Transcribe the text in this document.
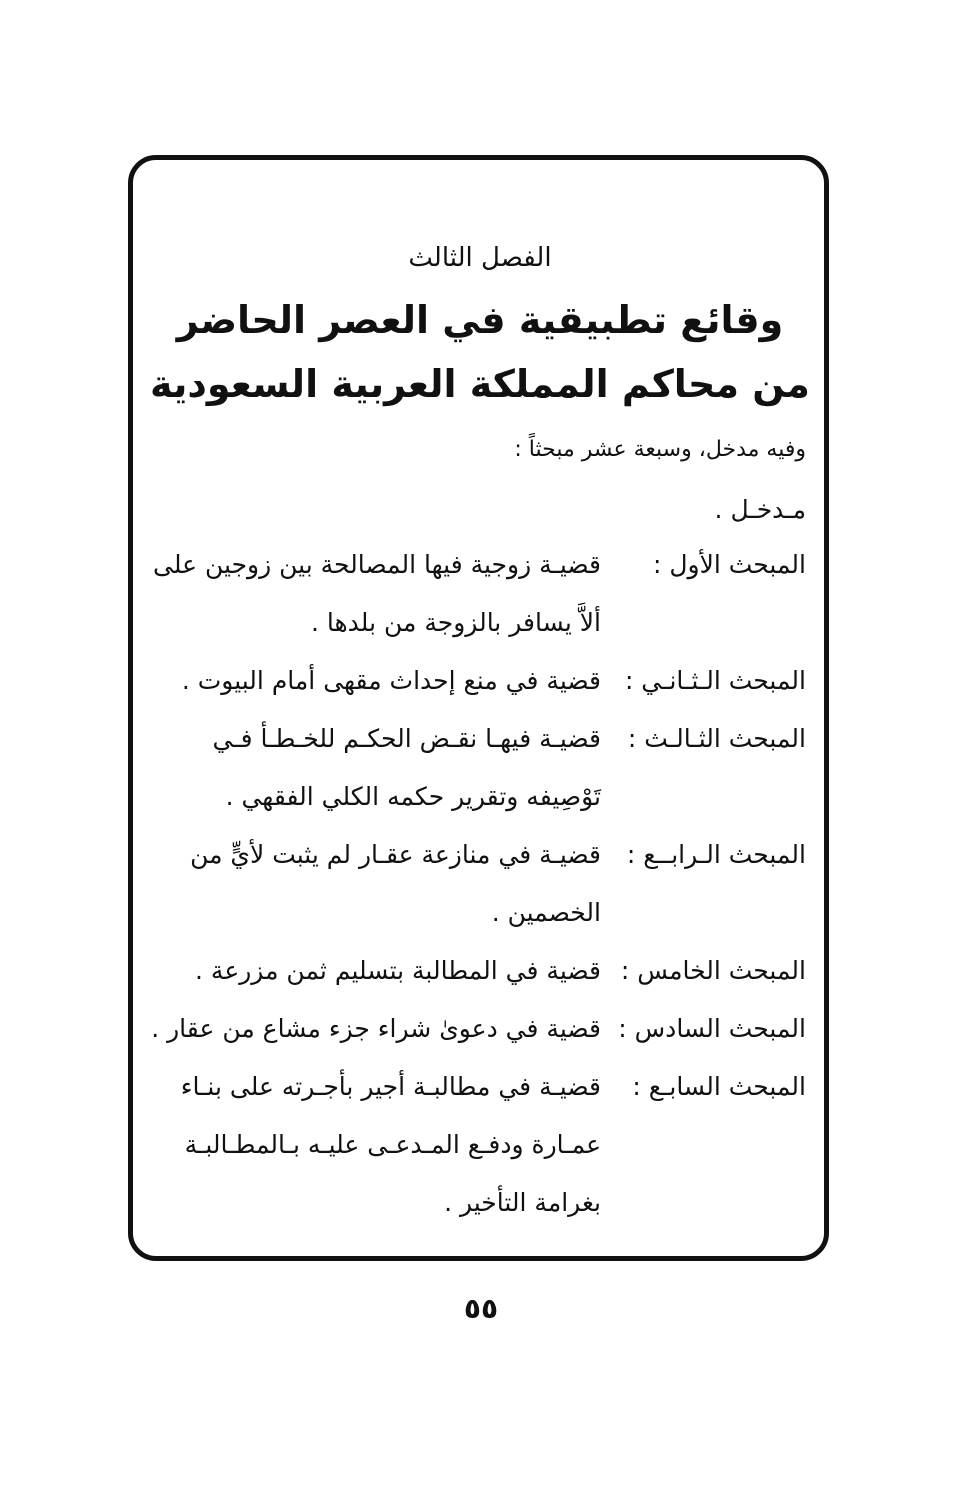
الفصل الثالث
وقائع تطبيقية في العصر الحاضر
من محاكم المملكة العربية السعودية
وفيه مدخل، وسبعة عشر مبحثاً :
مـدخـل .
المبحث الأول :
قضيـة زوجية فيها المصالحة بين زوجين على ألاَّ يسافر بالزوجة من بلدها .
المبحث الـثـانـي :
قضية في منع إحداث مقهى أمام البيوت .
المبحث الثـالـث :
قضيـة فيهـا نقـض الحكـم للخـطـأ فـي تَوْصِيفه وتقرير حكمه الكلي الفقهي .
المبحث الـرابــع :
قضيـة في منازعة عقـار لم يثبت لأيٍّ من الخصمين .
المبحث الخامس :
قضية في المطالبة بتسليم ثمن مزرعة .
المبحث السادس :
قضية في دعوىٰ شراء جزء مشاع من عقار .
المبحث السابـع :
قضيـة في مطالبـة أجير بأجـرته على بنـاء عمـارة ودفـع المـدعـى عليـه بـالمطـالبـة بغرامة التأخير .
٥٥
